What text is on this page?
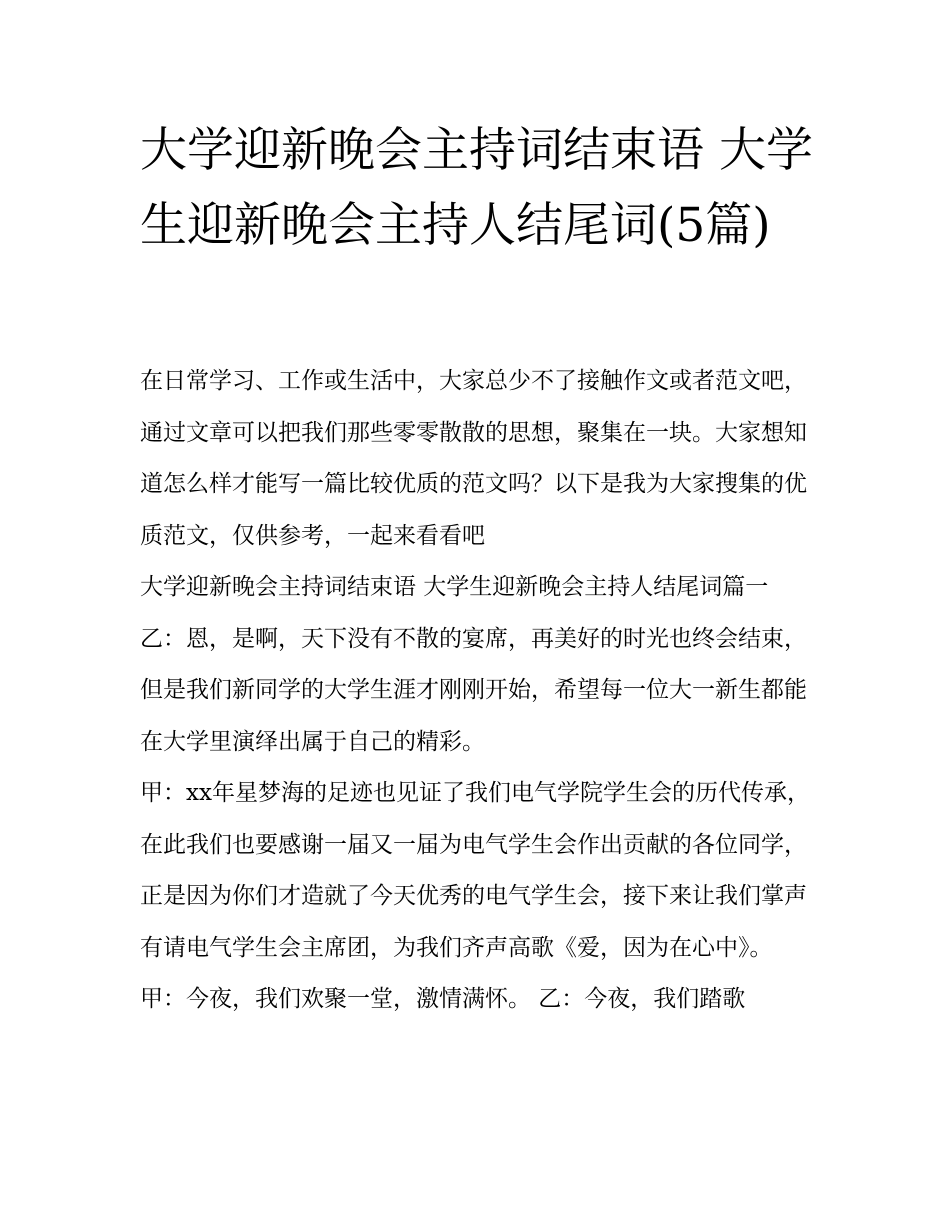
大学迎新晚会主持词结束语 大学生迎新晚会主持人结尾词(5篇)

在日常学习、工作或生活中，大家总少不了接触作文或者范文吧，通过文章可以把我们那些零零散散的思想，聚集在一块。大家想知道怎么样才能写一篇比较优质的范文吗？以下是我为大家搜集的优质范文，仅供参考，一起来看看吧

大学迎新晚会主持词结束语 大学生迎新晚会主持人结尾词篇一

乙：恩，是啊，天下没有不散的宴席，再美好的时光也终会结束，但是我们新同学的大学生涯才刚刚开始，希望每一位大一新生都能在大学里演绎出属于自己的精彩。

甲：xx年星梦海的足迹也见证了我们电气学院学生会的历代传承，在此我们也要感谢一届又一届为电气学生会作出贡献的各位同学，正是因为你们才造就了今天优秀的电气学生会，接下来让我们掌声有请电气学生会主席团，为我们齐声高歌《爱，因为在心中》。

甲：今夜，我们欢聚一堂，激情满怀。 乙：今夜，我们踏歌
